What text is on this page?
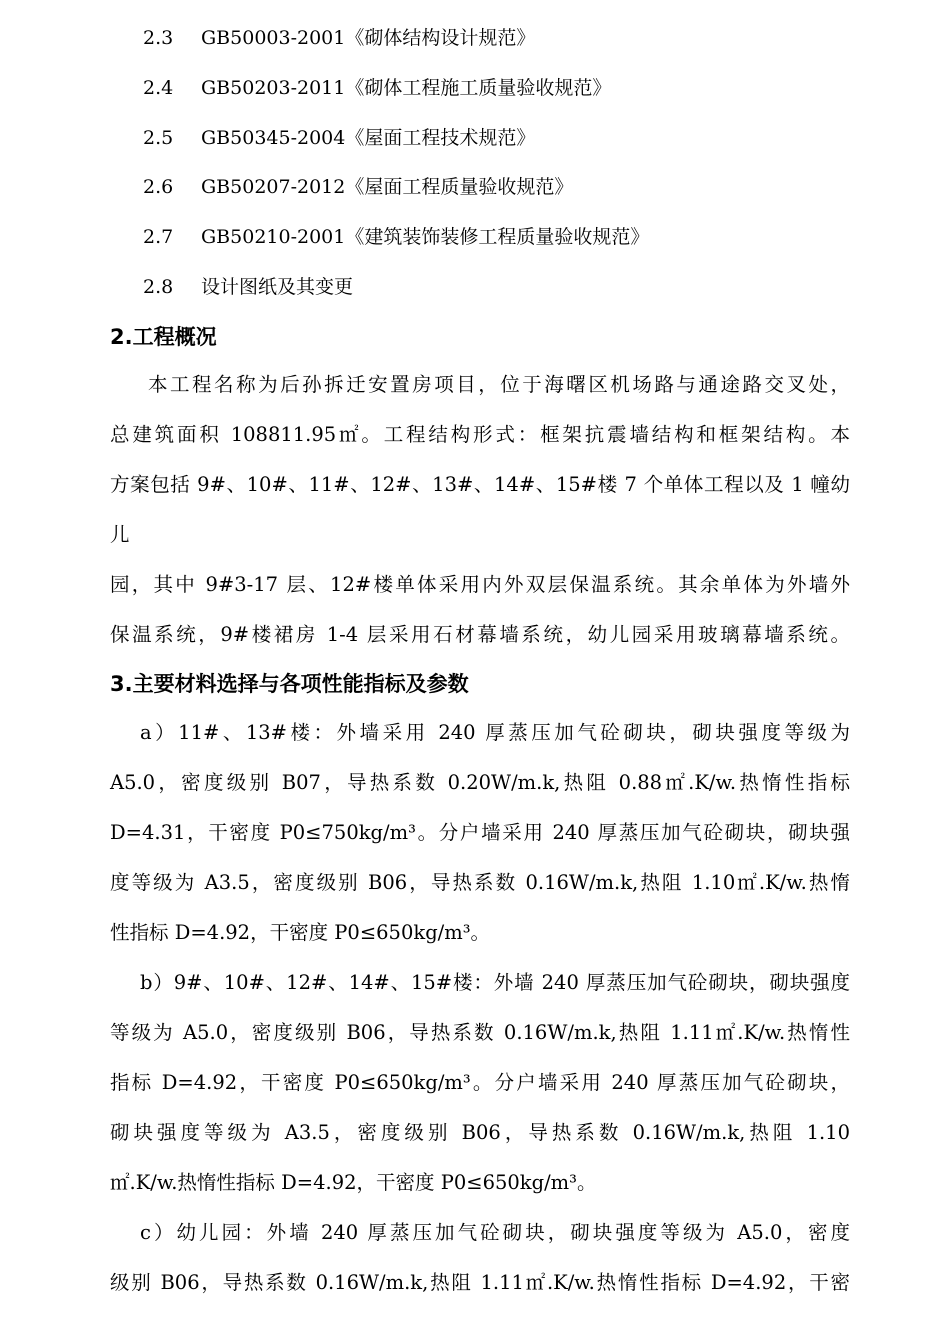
2.3 GB50003-2001《砌体结构设计规范》
2.4 GB50203-2011《砌体工程施工质量验收规范》
2.5 GB50345-2004《屋面工程技术规范》
2.6 GB50207-2012《屋面工程质量验收规范》
2.7 GB50210-2001《建筑装饰装修工程质量验收规范》
2.8 设计图纸及其变更
2.工程概况
本工程名称为后孙拆迁安置房项目，位于海曙区机场路与通途路交叉处，
总建筑面积 108811.95㎡。工程结构形式：框架抗震墙结构和框架结构。本
方案包括 9#、10#、11#、12#、13#、14#、15#楼 7 个单体工程以及 1 幢幼
儿
园，其中 9#3-17 层、12#楼单体采用内外双层保温系统。其余单体为外墙外
保温系统，9#楼裙房 1-4 层采用石材幕墙系统，幼儿园采用玻璃幕墙系统。
3.主要材料选择与各项性能指标及参数
a）11#、13#楼：外墙采用 240 厚蒸压加气砼砌块，砌块强度等级为
A5.0，密度级别 B07，导热系数 0.20W/m.k,热阻 0.88㎡.K/w.热惰性指标
D=4.31，干密度 P0≤750kg/m³。分户墙采用 240 厚蒸压加气砼砌块，砌块强
度等级为 A3.5，密度级别 B06，导热系数 0.16W/m.k,热阻 1.10㎡.K/w.热惰
性指标 D=4.92，干密度 P0≤650kg/m³。
b）9#、10#、12#、14#、15#楼：外墙 240 厚蒸压加气砼砌块，砌块强度
等级为 A5.0，密度级别 B06，导热系数 0.16W/m.k,热阻 1.11㎡.K/w.热惰性
指标 D=4.92，干密度 P0≤650kg/m³。分户墙采用 240 厚蒸压加气砼砌块，
砌块强度等级为 A3.5，密度级别 B06，导热系数 0.16W/m.k,热阻 1.10
㎡.K/w.热惰性指标 D=4.92，干密度 P0≤650kg/m³。
c）幼儿园：外墙 240 厚蒸压加气砼砌块，砌块强度等级为 A5.0，密度
级别 B06，导热系数 0.16W/m.k,热阻 1.11㎡.K/w.热惰性指标 D=4.92，干密
